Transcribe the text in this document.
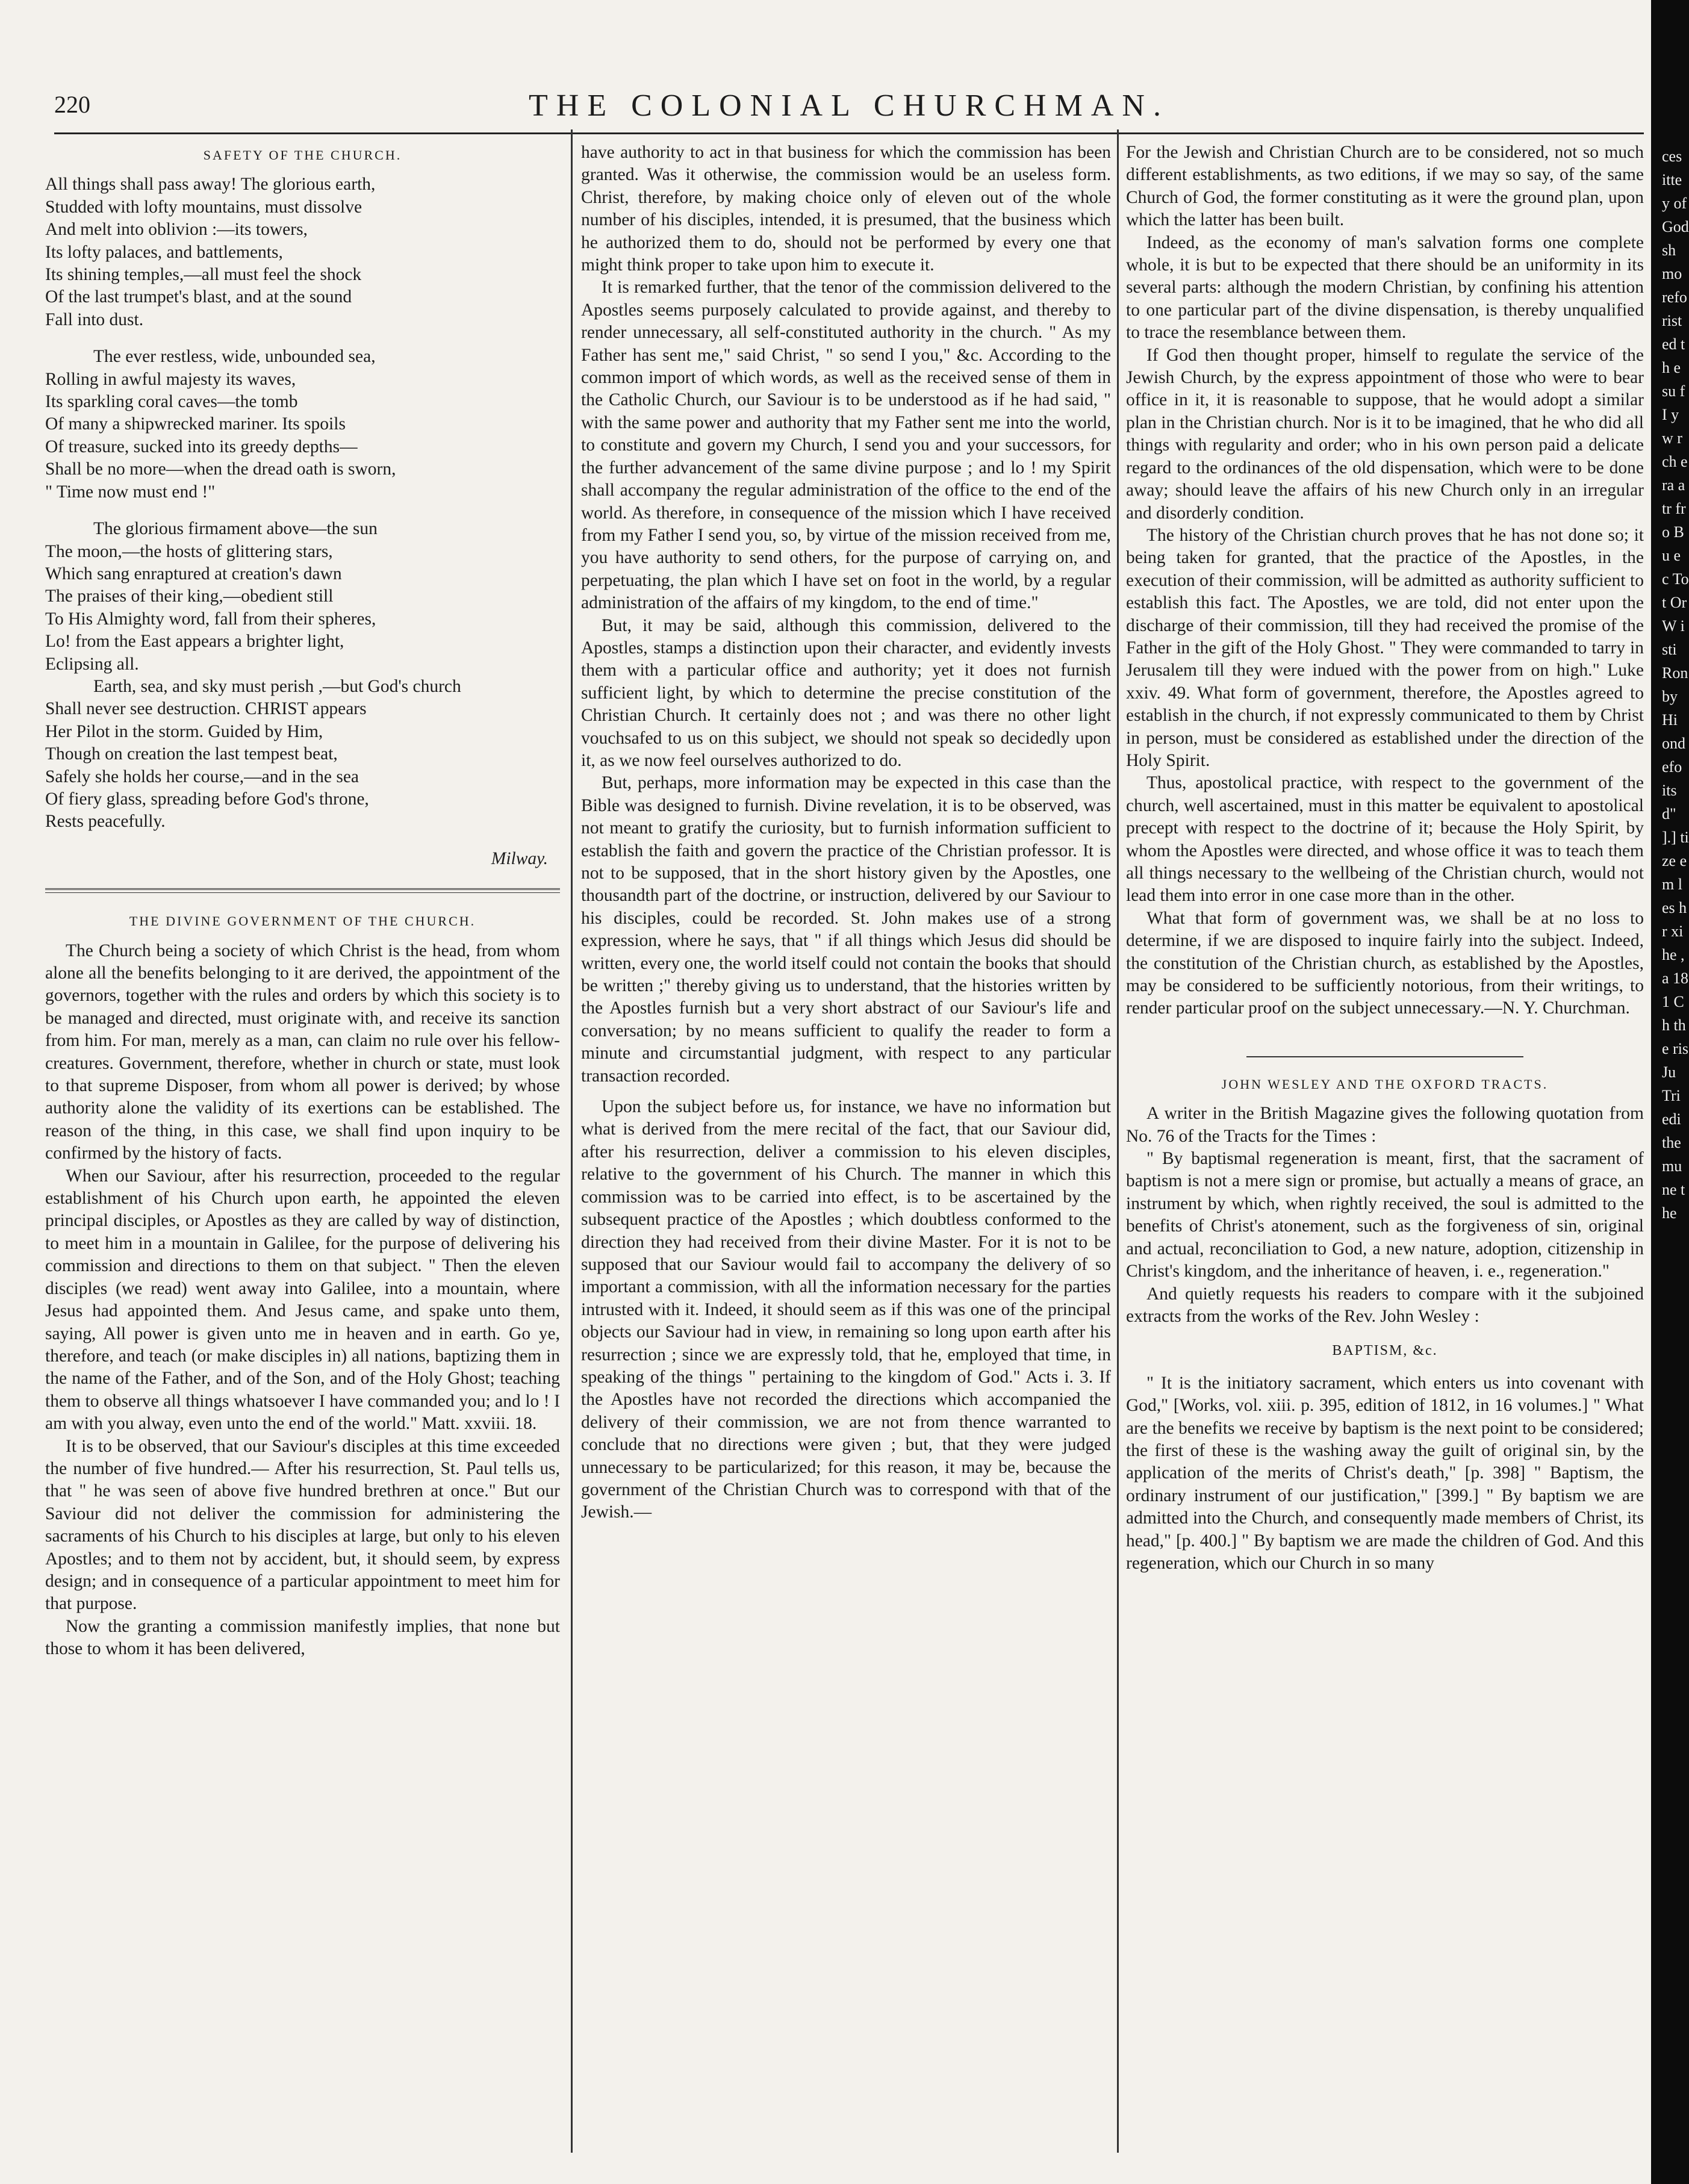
220	THE COLONIAL CHURCHMAN.
SAFETY OF THE CHURCH.
All things shall pass away! The glorious earth,
Studded with lofty mountains, must dissolve
And melt into oblivion :—its towers,
Its lofty palaces, and battlements,
Its shining temples,—all must feel the shock
Of the last trumpet's blast, and at the sound
Fall into dust.
The ever restless, wide, unbounded sea,
Rolling in awful majesty its waves,
Its sparkling coral caves—the tomb
Of many a shipwrecked mariner. Its spoils
Of treasure, sucked into its greedy depths—
Shall be no more—when the dread oath is sworn,
" Time now must end !"
The glorious firmament above—the sun
The moon,—the hosts of glittering stars,
Which sang enraptured at creation's dawn
The praises of their king,—obedient still
To His Almighty word, fall from their spheres,
Lo! from the East appears a brighter light,
Eclipsing all.
Earth, sea, and sky must perish ,—but God's church
Shall never see destruction. CHRIST appears
Her Pilot in the storm. Guided by Him,
Though on creation the last tempest beat,
Safely she holds her course,—and in the sea
Of fiery glass, spreading before God's throne,
Rests peacefully.
Milway.
THE DIVINE GOVERNMENT OF THE CHURCH.

The Church being a society of which Christ is the head, from whom alone all the benefits belonging to it are derived, the appointment of the governors, together with the rules and orders by which this society is to be managed and directed, must originate with, and receive its sanction from him. For man, merely as a man, can claim no rule over his fellow-creatures. Government, therefore, whether in church or state, must look to that supreme Disposer, from whom all power is derived; by whose authority alone the validity of its exertions can be established. The reason of the thing, in this case, we shall find upon inquiry to be confirmed by the history of facts.

When our Saviour, after his resurrection, proceeded to the regular establishment of his Church upon earth, he appointed the eleven principal disciples, or Apostles as they are called by way of distinction, to meet him in a mountain in Galilee, for the purpose of delivering his commission and directions to them on that subject. " Then the eleven disciples (we read) went away into Galilee, into a mountain, where Jesus had appointed them. And Jesus came, and spake unto them, saying, All power is given unto me in heaven and in earth. Go ye, therefore, and teach (or make disciples in) all nations, baptizing them in the name of the Father, and of the Son, and of the Holy Ghost; teaching them to observe all things whatsoever I have commanded you; and lo ! I am with you alway, even unto the end of the world." Matt. xxviii. 18.

It is to be observed, that our Saviour's disciples at this time exceeded the number of five hundred.— After his resurrection, St. Paul tells us, that " he was seen of above five hundred brethren at once." But our Saviour did not deliver the commission for administering the sacraments of his Church to his disciples at large, but only to his eleven Apostles; and to them not by accident, but, it should seem, by express design; and in consequence of a particular appointment to meet him for that purpose.

Now the granting a commission manifestly implies, that none but those to whom it has been delivered,

have authority to act in that business for which the commission has been granted. Was it otherwise, the commission would be an useless form. Christ, therefore, by making choice only of eleven out of the whole number of his disciples, intended, it is presumed, that the business which he authorized them to do, should not be performed by every one that might think proper to take upon him to execute it.

It is remarked further, that the tenor of the commission delivered to the Apostles seems purposely calculated to provide against, and thereby to render unnecessary, all self-constituted authority in the church. " As my Father has sent me," said Christ, " so send I you," &c. According to the common import of which words, as well as the received sense of them in the Catholic Church, our Saviour is to be understood as if he had said, " with the same power and authority that my Father sent me into the world, to constitute and govern my Church, I send you and your successors, for the further advancement of the same divine purpose ; and lo ! my Spirit shall accompany the regular administration of the office to the end of the world. As therefore, in consequence of the mission which I have received from my Father I send you, so, by virtue of the mission received from me, you have authority to send others, for the purpose of carrying on, and perpetuating, the plan which I have set on foot in the world, by a regular administration of the affairs of my kingdom, to the end of time."

But, it may be said, although this commission, delivered to the Apostles, stamps a distinction upon their character, and evidently invests them with a particular office and authority; yet it does not furnish sufficient light, by which to determine the precise constitution of the Christian Church. It certainly does not ; and was there no other light vouchsafed to us on this subject, we should not speak so decidedly upon it, as we now feel ourselves authorized to do.

But, perhaps, more information may be expected in this case than the Bible was designed to furnish. Divine revelation, it is to be observed, was not meant to gratify the curiosity, but to furnish information sufficient to establish the faith and govern the practice of the Christian professor. It is not to be supposed, that in the short history given by the Apostles, one thousandth part of the doctrine, or instruction, delivered by our Saviour to his disciples, could be recorded. St. John makes use of a strong expression, where he says, that " if all things which Jesus did should be written, every one, the world itself could not contain the books that should be written ;" thereby giving us to understand, that the histories written by the Apostles furnish but a very short abstract of our Saviour's life and conversation; by no means sufficient to qualify the reader to form a minute and circumstantial judgment, with respect to any particular transaction recorded.

Upon the subject before us, for instance, we have no information but what is derived from the mere recital of the fact, that our Saviour did, after his resurrection, deliver a commission to his eleven disciples, relative to the government of his Church. The manner in which this commission was to be carried into effect, is to be ascertained by the subsequent practice of the Apostles ; which doubtless conformed to the direction they had received from their divine Master. For it is not to be supposed that our Saviour would fail to accompany the delivery of so important a commission, with all the information necessary for the parties intrusted with it. Indeed, it should seem as if this was one of the principal objects our Saviour had in view, in remaining so long upon earth after his resurrection ; since we are expressly told, that he, employed that time, in speaking of the things " pertaining to the kingdom of God." Acts i. 3. If the Apostles have not recorded the directions which accompanied the delivery of their commission, we are not from thence warranted to conclude that no directions were given ; but, that they were judged unnecessary to be particularized; for this reason, it may be, because the government of the Christian Church was to correspond with that of the Jewish.—

For the Jewish and Christian Church are to be considered, not so much different establishments, as two editions, if we may so say, of the same Church of God, the former constituting as it were the ground plan, upon which the latter has been built.

Indeed, as the economy of man's salvation forms one complete whole, it is but to be expected that there should be an uniformity in its several parts: although the modern Christian, by confining his attention to one particular part of the divine dispensation, is thereby unqualified to trace the resemblance between them.

If God then thought proper, himself to regulate the service of the Jewish Church, by the express appointment of those who were to bear office in it, it is reasonable to suppose, that he would adopt a similar plan in the Christian church. Nor is it to be imagined, that he who did all things with regularity and order; who in his own person paid a delicate regard to the ordinances of the old dispensation, which were to be done away; should leave the affairs of his new Church only in an irregular and disorderly condition.

The history of the Christian church proves that he has not done so; it being taken for granted, that the practice of the Apostles, in the execution of their commission, will be admitted as authority sufficient to establish this fact. The Apostles, we are told, did not enter upon the discharge of their commission, till they had received the promise of the Father in the gift of the Holy Ghost. " They were commanded to tarry in Jerusalem till they were indued with the power from on high." Luke xxiv. 49. What form of government, therefore, the Apostles agreed to establish in the church, if not expressly communicated to them by Christ in person, must be considered as established under the direction of the Holy Spirit.

Thus, apostolical practice, with respect to the government of the church, well ascertained, must in this matter be equivalent to apostolical precept with respect to the doctrine of it; because the Holy Spirit, by whom the Apostles were directed, and whose office it was to teach them all things necessary to the wellbeing of the Christian church, would not lead them into error in one case more than in the other.

What that form of government was, we shall be at no loss to determine, if we are disposed to inquire fairly into the subject. Indeed, the constitution of the Christian church, as established by the Apostles, may be considered to be sufficiently notorious, from their writings, to render particular proof on the subject unnecessary.—N. Y. Churchman.

JOHN WESLEY AND THE OXFORD TRACTS.

A writer in the British Magazine gives the following quotation from No. 76 of the Tracts for the Times :

" By baptismal regeneration is meant, first, that the sacrament of baptism is not a mere sign or promise, but actually a means of grace, an instrument by which, when rightly received, the soul is admitted to the benefits of Christ's atonement, such as the forgiveness of sin, original and actual, reconciliation to God, a new nature, adoption, citizenship in Christ's kingdom, and the inheritance of heaven, i. e., regeneration."

And quietly requests his readers to compare with it the subjoined extracts from the works of the Rev. John Wesley :

BAPTISM, &c.

" It is the initiatory sacrament, which enters us into covenant with God," [Works, vol. xiii. p. 395, edition of 1812, in 16 volumes.] " What are the benefits we receive by baptism is the next point to be considered; the first of these is the washing away the guilt of original sin, by the application of the merits of Christ's death," [p. 398] " Baptism, the ordinary instrument of our justification," [399.] " By baptism we are admitted into the Church, and consequently made members of Christ, its head," [p. 400.] " By baptism we are made the children of God. And this regeneration, which our Church in so many

ces itte y of God sh mo refo rist ed th e su f I y w rch era a tr fro Bu e c To t Or W isti Ron by Hi ond efo its d" ].] tize em les hr xi he , a 181 Ch the ris Ju Tri edi the mu ne the
